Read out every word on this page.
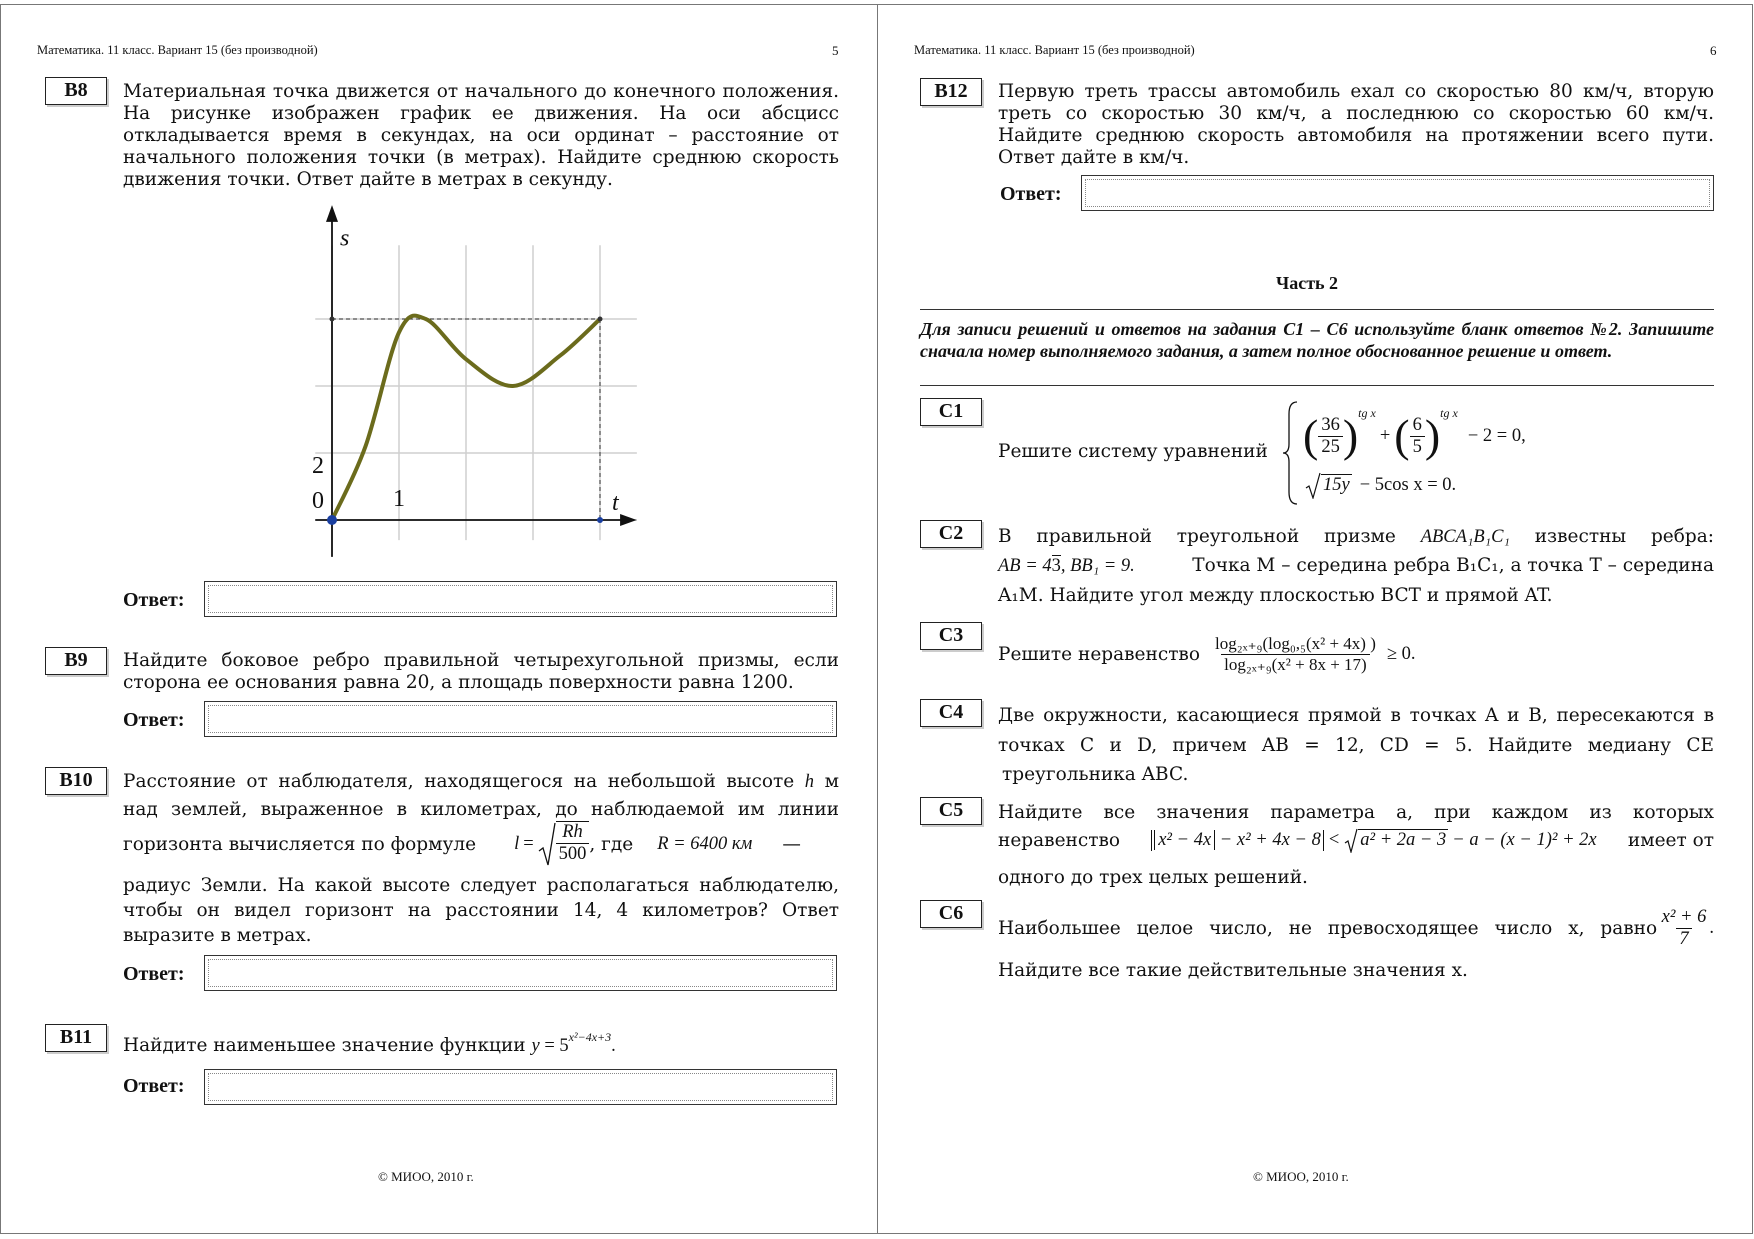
Математика. 11 класс. Вариант 15 (без производной)	5
B8	Материальная точка движется от начального до конечного положения. На рисунке изображен график ее движения. На оси абсцисс откладывается время в секундах, на оси ординат – расстояние от начального положения точки (в метрах). Найдите среднюю скорость движения точки. Ответ дайте в метрах в секунду.
s
t
0	1
2
Ответ:
B9	Найдите боковое ребро правильной четырехугольной призмы, если сторона ее основания равна 20, а площадь поверхности равна 1200.
Ответ:
B10	Расстояние от наблюдателя, находящегося на небольшой высоте h м
над землей, выраженное в километрах, до наблюдаемой им линии
горизонта вычисляется по формуле $l = \frac{Rh}{500}$ , где R = 6400 км —
радиус Земли. На какой высоте следует располагаться наблюдателю,
чтобы он видел горизонт на расстоянии 14, 4 километров? Ответ
выразите в метрах.
Ответ:
B11	Найдите наименьшее значение функции $y = 5^{x^2-4x+3}$.
Ответ:
© МИОО, 2010 г.
Математика. 11 класс. Вариант 15 (без производной)	6
B12	Первую треть трассы автомобиль ехал со скоростью 80 км/ч, вторую треть со скоростью 30 км/ч, а последнюю со скоростью 60 км/ч. Найдите среднюю скорость автомобиля на протяжении всего пути. Ответ дайте в км/ч.
Ответ:
Часть 2
Для записи решений и ответов на задания С1 – С6 используйте бланк ответов №2. Запишите сначала номер выполняемого задания, а затем полное обоснованное решение и ответ.
C1
Решите систему уравнений ( $\frac{36}{25} )^{tg x}$
+ ( $\frac{6}{5} )^{tg x}$
− 2 = 0,
15y − 5cos x = 0.
C2	В правильной треугольной призме ABCA₁B₁C₁ известны ребра:
AB = 43, BB₁ = 9.	Точка M – середина ребра B₁C₁, а точка T – середина
A₁M. Найдите угол между плоскостью BCT и прямой AT.
C3
Решите неравенство $\frac{\text{log₂ₓ₊₉(log₀,₅(x² + 4x) )}}{\text{log₂ₓ₊₉(x² + 8x + 17)}} \ge 0$.
C4	Две окружности, касающиеся прямой в точках A и B, пересекаются в
точках C и D, причем AB = 12, CD = 5. Найдите медиану CE
треугольника ABC.
C5	Найдите все значения параметра a, при каждом из которых
неравенство	x² − 4x − x² + 4x − 8 < a² + 2a − 3 − a − (x − 1)² + 2x имеет от
одного до трех целых решений.
C6
Наибольшее целое число, не превосходящее число x, равно $\frac{\text{x² + 6}}{7}$ .
Найдите все такие действительные значения x.
© МИОО, 2010 г.
